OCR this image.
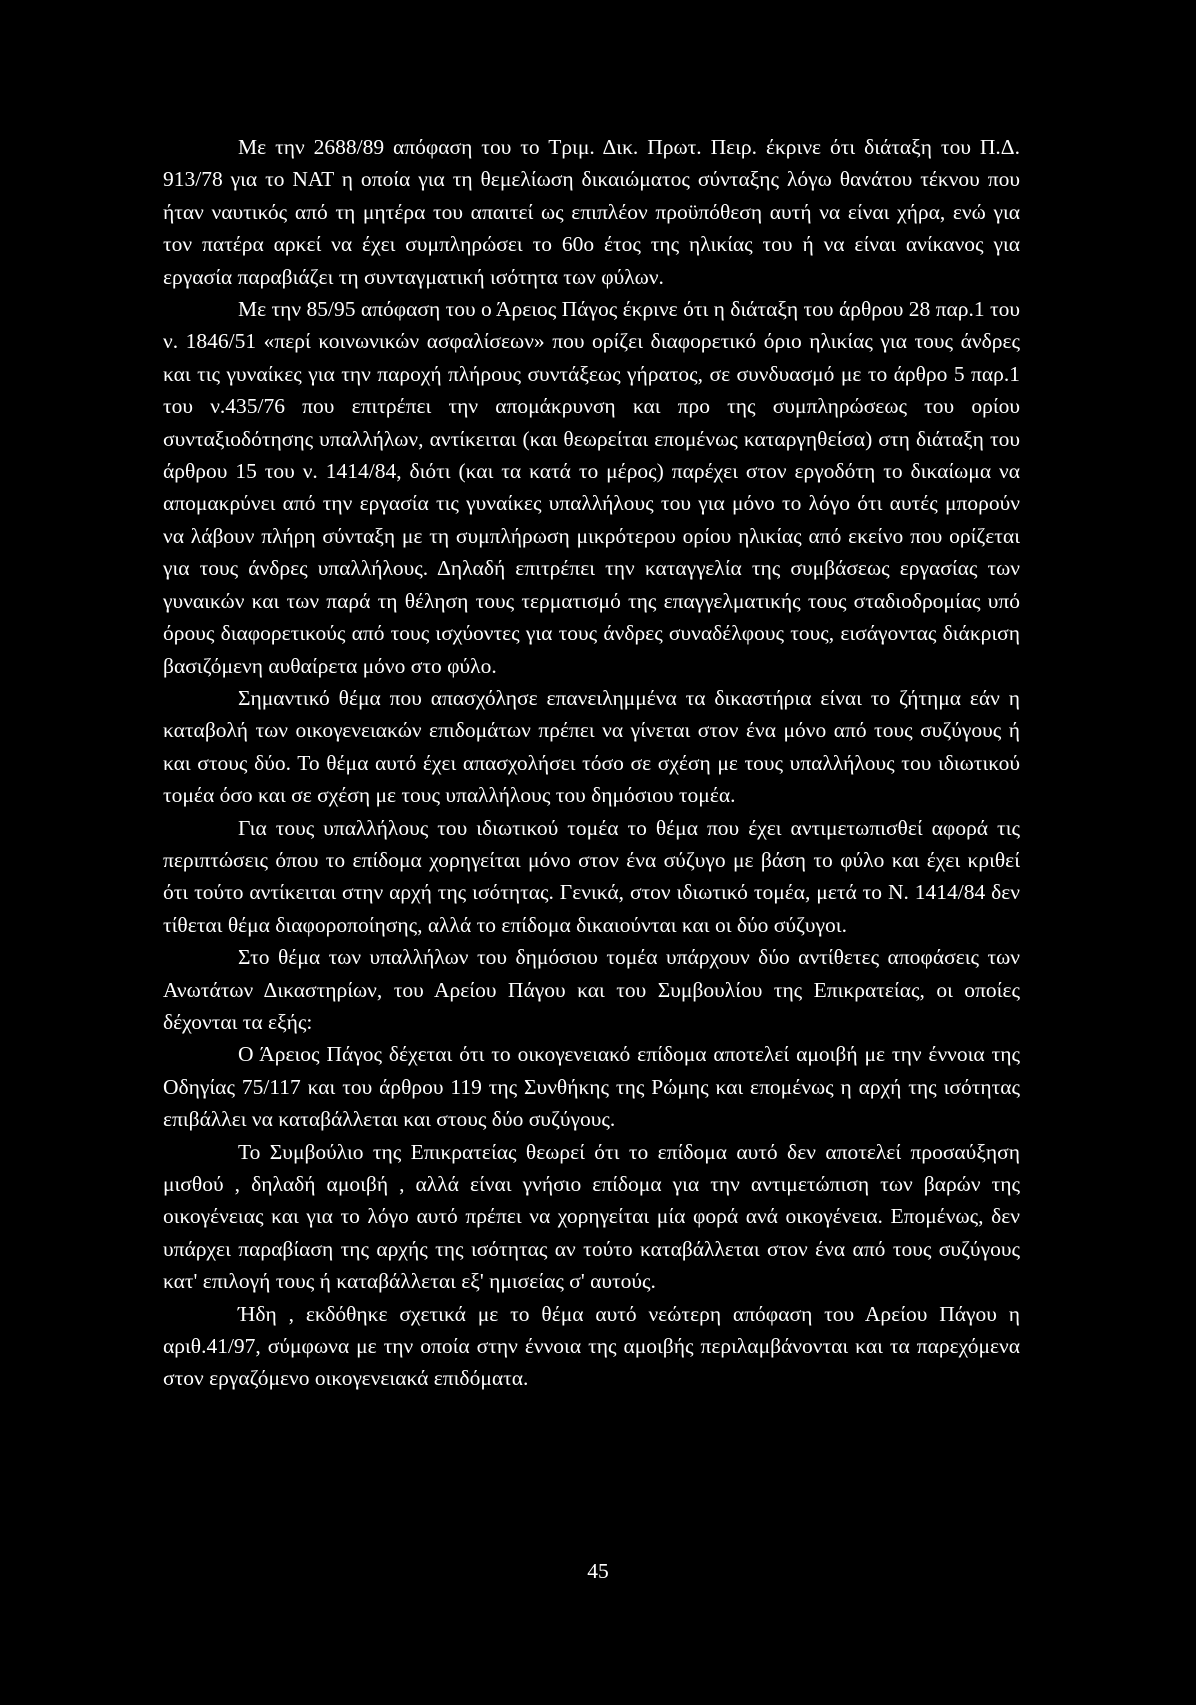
Με την 2688/89 απόφαση του το Τριμ. Δικ. Πρωτ. Πειρ. έκρινε ότι διάταξη του Π.Δ. 913/78 για το ΝΑΤ η οποία για τη θεμελίωση δικαιώματος σύνταξης λόγω θανάτου τέκνου που ήταν ναυτικός από τη μητέρα του απαιτεί ως επιπλέον προϋπόθεση αυτή να είναι χήρα, ενώ για τον πατέρα αρκεί να έχει συμπληρώσει το 60ο έτος της ηλικίας του ή να είναι ανίκανος για εργασία παραβιάζει τη συνταγματική ισότητα των φύλων.

Με την 85/95 απόφαση του ο Άρειος Πάγος έκρινε ότι η διάταξη του άρθρου 28 παρ.1 του ν. 1846/51 «περί κοινωνικών ασφαλίσεων» που ορίζει διαφορετικό όριο ηλικίας για τους άνδρες και τις γυναίκες για την παροχή πλήρους συντάξεως γήρατος, σε συνδυασμό με το άρθρο 5 παρ.1 του ν.435/76 που επιτρέπει την απομάκρυνση και προ της συμπληρώσεως του ορίου συνταξιοδότησης υπαλλήλων, αντίκειται (και θεωρείται επομένως καταργηθείσα) στη διάταξη του άρθρου 15 του ν. 1414/84, διότι (και τα κατά το μέρος) παρέχει στον εργοδότη το δικαίωμα να απομακρύνει από την εργασία τις γυναίκες υπαλλήλους του για μόνο το λόγο ότι αυτές μπορούν να λάβουν πλήρη σύνταξη με τη συμπλήρωση μικρότερου ορίου ηλικίας από εκείνο που ορίζεται για τους άνδρες υπαλλήλους. Δηλαδή επιτρέπει την καταγγελία της συμβάσεως εργασίας των γυναικών και των παρά τη θέληση τους τερματισμό της επαγγελματικής τους σταδιοδρομίας υπό όρους διαφορετικούς από τους ισχύοντες για τους άνδρες συναδέλφους τους, εισάγοντας διάκριση βασιζόμενη αυθαίρετα μόνο στο φύλο.

Σημαντικό θέμα που απασχόλησε επανειλημμένα τα δικαστήρια είναι το ζήτημα εάν η καταβολή των οικογενειακών επιδομάτων πρέπει να γίνεται στον ένα μόνο από τους συζύγους ή και στους δύο. Το θέμα αυτό έχει απασχολήσει τόσο σε σχέση με τους υπαλλήλους του ιδιωτικού τομέα όσο και σε σχέση με τους υπαλλήλους του δημόσιου τομέα.

Για τους υπαλλήλους του ιδιωτικού τομέα το θέμα που έχει αντιμετωπισθεί αφορά τις περιπτώσεις όπου το επίδομα χορηγείται μόνο στον ένα σύζυγο με βάση το φύλο και έχει κριθεί ότι τούτο αντίκειται στην αρχή της ισότητας. Γενικά, στον ιδιωτικό τομέα, μετά το Ν. 1414/84 δεν τίθεται θέμα διαφοροποίησης, αλλά το επίδομα δικαιούνται και οι δύο σύζυγοι.

Στο θέμα των υπαλλήλων του δημόσιου τομέα υπάρχουν δύο αντίθετες αποφάσεις των Ανωτάτων Δικαστηρίων, του Αρείου Πάγου και του Συμβουλίου της Επικρατείας, οι οποίες δέχονται τα εξής:

Ο Άρειος Πάγος δέχεται ότι το οικογενειακό επίδομα αποτελεί αμοιβή με την έννοια της Οδηγίας 75/117 και του άρθρου 119 της Συνθήκης της Ρώμης και επομένως η αρχή της ισότητας επιβάλλει να καταβάλλεται και στους δύο συζύγους.

Το Συμβούλιο της Επικρατείας θεωρεί ότι το επίδομα αυτό δεν αποτελεί προσαύξηση μισθού , δηλαδή αμοιβή , αλλά είναι γνήσιο επίδομα για την αντιμετώπιση των βαρών της οικογένειας και για το λόγο αυτό πρέπει να χορηγείται μία φορά ανά οικογένεια. Επομένως, δεν υπάρχει παραβίαση της αρχής της ισότητας αν τούτο καταβάλλεται στον ένα από τους συζύγους κατ' επιλογή τους ή καταβάλλεται εξ' ημισείας σ' αυτούς.

Ήδη , εκδόθηκε σχετικά με το θέμα αυτό νεώτερη απόφαση του Αρείου Πάγου η αριθ.41/97, σύμφωνα με την οποία στην έννοια της αμοιβής περιλαμβάνονται και τα παρεχόμενα στον εργαζόμενο οικογενειακά επιδόματα.

45
